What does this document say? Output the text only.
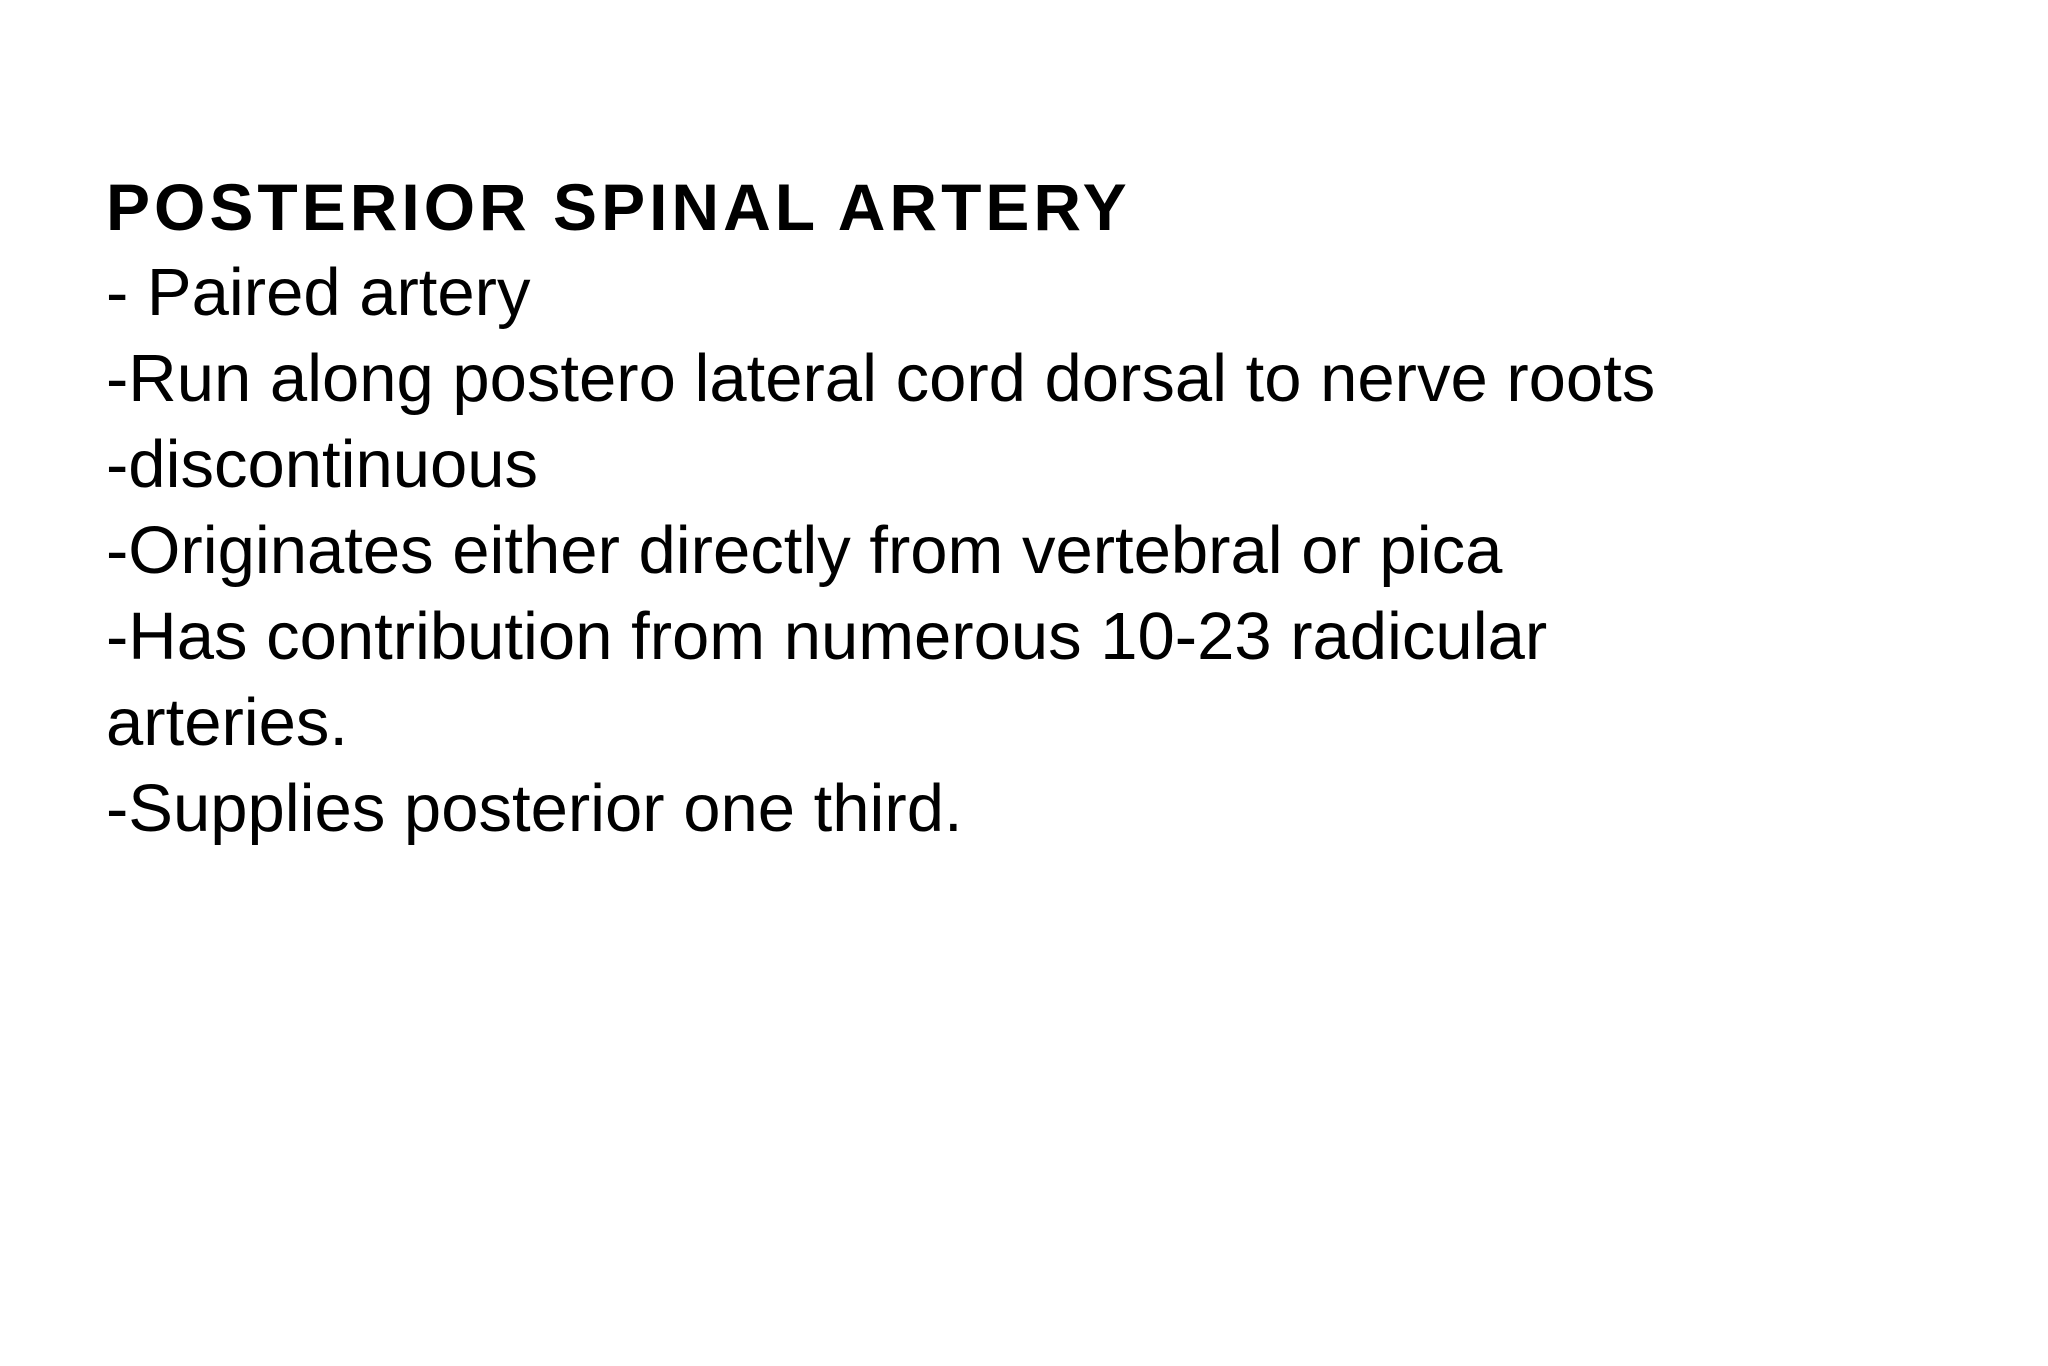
POSTERIOR SPINAL ARTERY
- Paired artery
-Run along postero lateral cord dorsal to nerve roots
-discontinuous
-Originates either directly from vertebral or pica
-Has contribution from numerous 10-23 radicular arteries.
-Supplies posterior one third.
